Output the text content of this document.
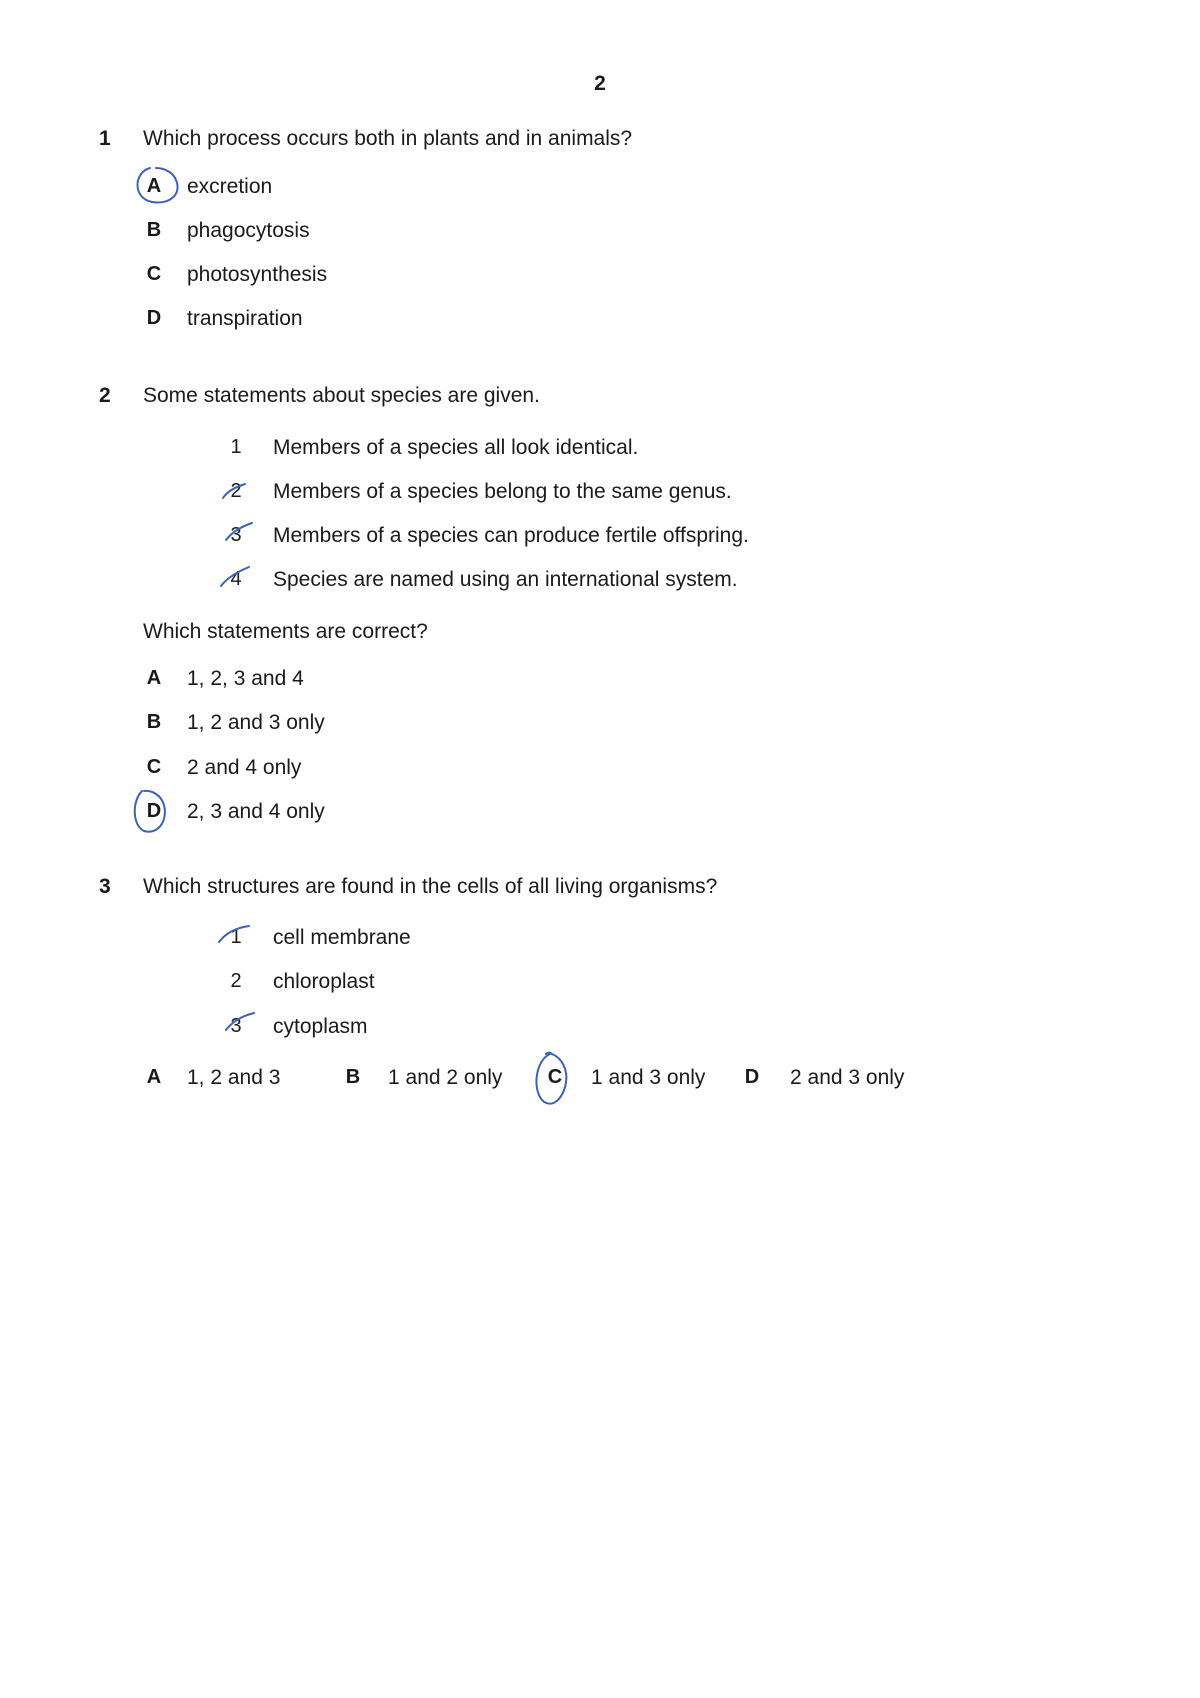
2
1 Which process occurs both in plants and in animals?
A excretion
B phagocytosis
C photosynthesis
D transpiration
2 Some statements about species are given.
1 Members of a species all look identical.
2 Members of a species belong to the same genus.
3 Members of a species can produce fertile offspring.
4 Species are named using an international system.
Which statements are correct?
A 1, 2, 3 and 4
B 1, 2 and 3 only
C 2 and 4 only
D 2, 3 and 4 only
3 Which structures are found in the cells of all living organisms?
1 cell membrane
2 chloroplast
3 cytoplasm
A 1, 2 and 3	B 1 and 2 only C 1 and 3 only D 2 and 3 only
